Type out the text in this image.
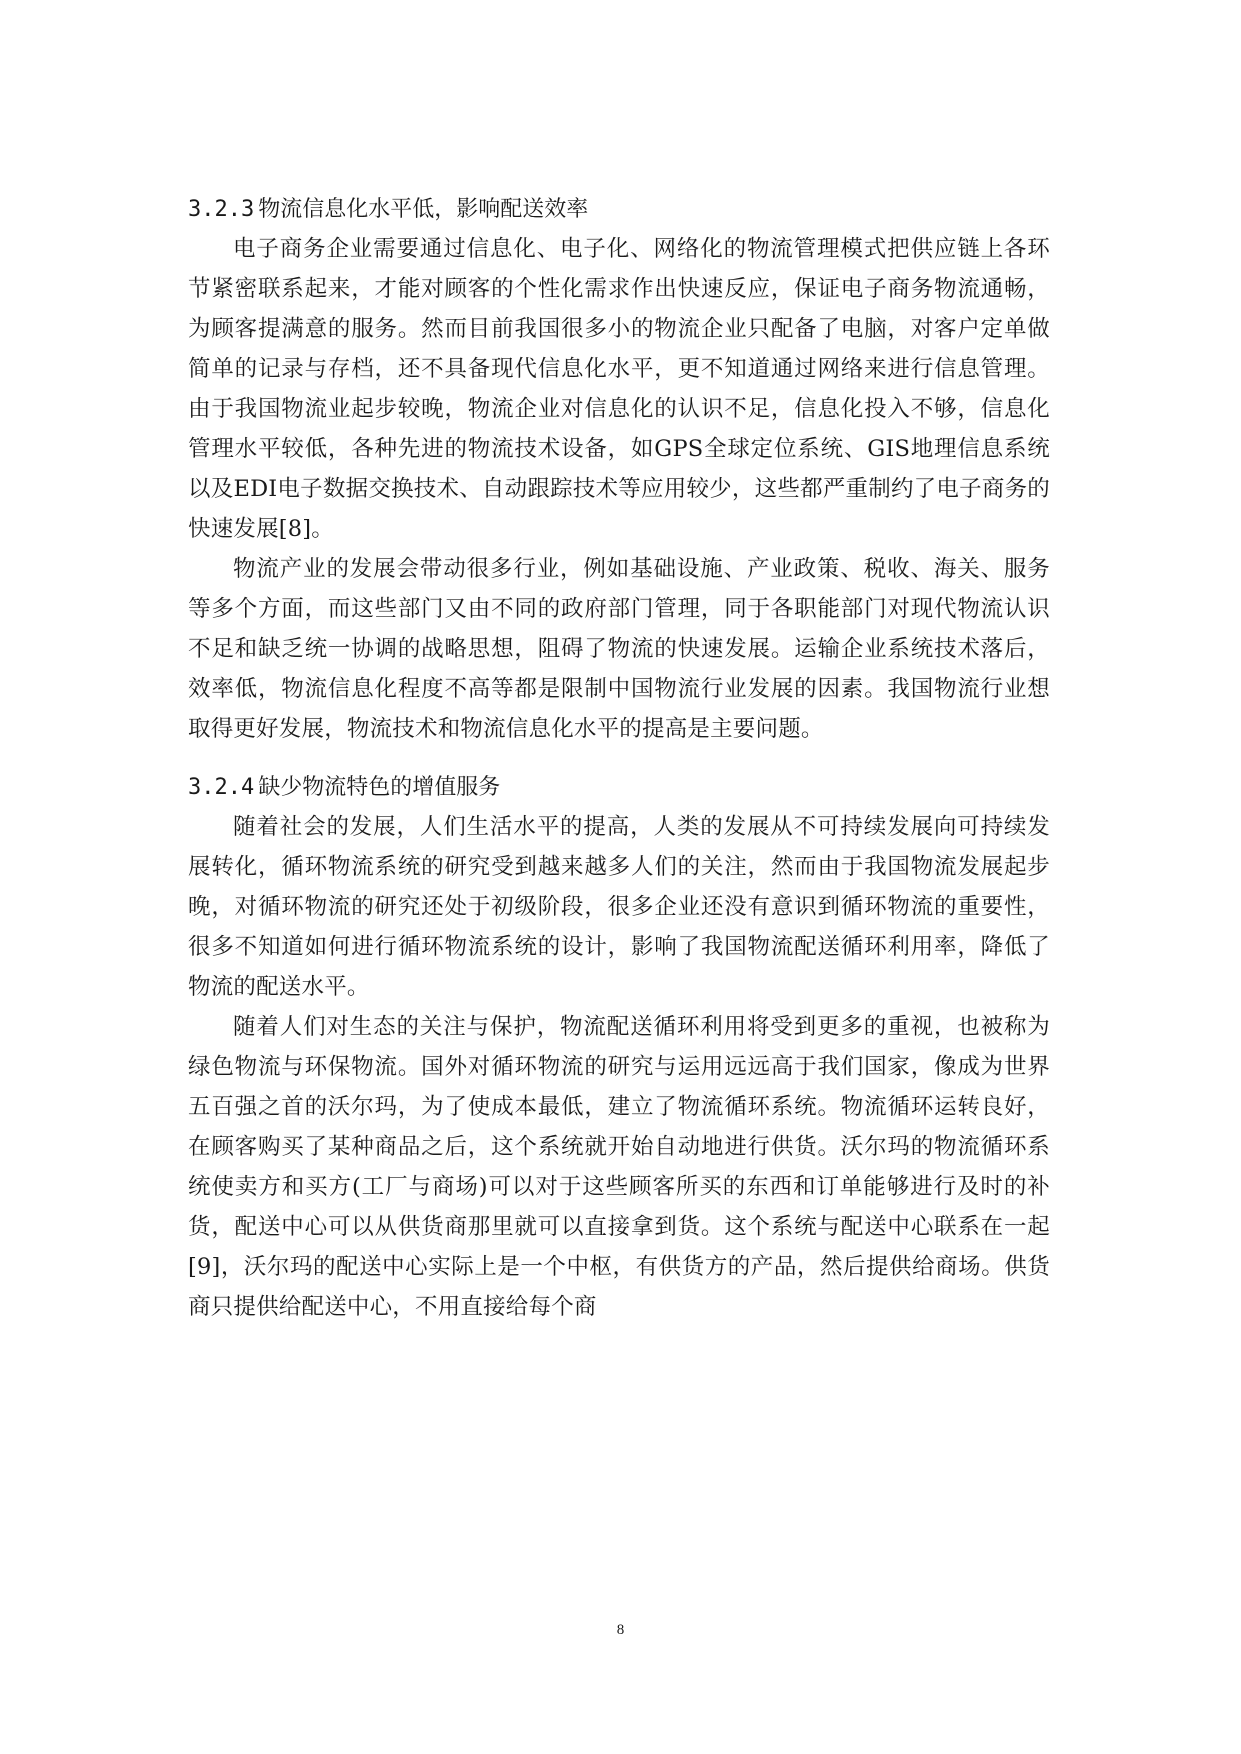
3.2.3 物流信息化水平低，影响配送效率

电子商务企业需要通过信息化、电子化、网络化的物流管理模式把供应链上各环节紧密联系起来，才能对顾客的个性化需求作出快速反应，保证电子商务物流通畅，为顾客提满意的服务。然而目前我国很多小的物流企业只配备了电脑，对客户定单做简单的记录与存档，还不具备现代信息化水平，更不知道通过网络来进行信息管理。由于我国物流业起步较晚，物流企业对信息化的认识不足，信息化投入不够，信息化管理水平较低，各种先进的物流技术设备，如GPS全球定位系统、GIS地理信息系统以及EDI电子数据交换技术、自动跟踪技术等应用较少，这些都严重制约了电子商务的快速发展[8]。

物流产业的发展会带动很多行业，例如基础设施、产业政策、税收、海关、服务等多个方面，而这些部门又由不同的政府部门管理，同于各职能部门对现代物流认识不足和缺乏统一协调的战略思想，阻碍了物流的快速发展。运输企业系统技术落后，效率低，物流信息化程度不高等都是限制中国物流行业发展的因素。我国物流行业想取得更好发展，物流技术和物流信息化水平的提高是主要问题。

3.2.4 缺少物流特色的增值服务

随着社会的发展，人们生活水平的提高，人类的发展从不可持续发展向可持续发展转化，循环物流系统的研究受到越来越多人们的关注，然而由于我国物流发展起步晚，对循环物流的研究还处于初级阶段，很多企业还没有意识到循环物流的重要性，很多不知道如何进行循环物流系统的设计，影响了我国物流配送循环利用率，降低了物流的配送水平。

随着人们对生态的关注与保护，物流配送循环利用将受到更多的重视，也被称为绿色物流与环保物流。国外对循环物流的研究与运用远远高于我们国家，像成为世界五百强之首的沃尔玛，为了使成本最低，建立了物流循环系统。物流循环运转良好，在顾客购买了某种商品之后，这个系统就开始自动地进行供货。沃尔玛的物流循环系统使卖方和买方(工厂与商场)可以对于这些顾客所买的东西和订单能够进行及时的补货，配送中心可以从供货商那里就可以直接拿到货。这个系统与配送中心联系在一起[9]，沃尔玛的配送中心实际上是一个中枢，有供货方的产品，然后提供给商场。供货商只提供给配送中心，不用直接给每个商

8
